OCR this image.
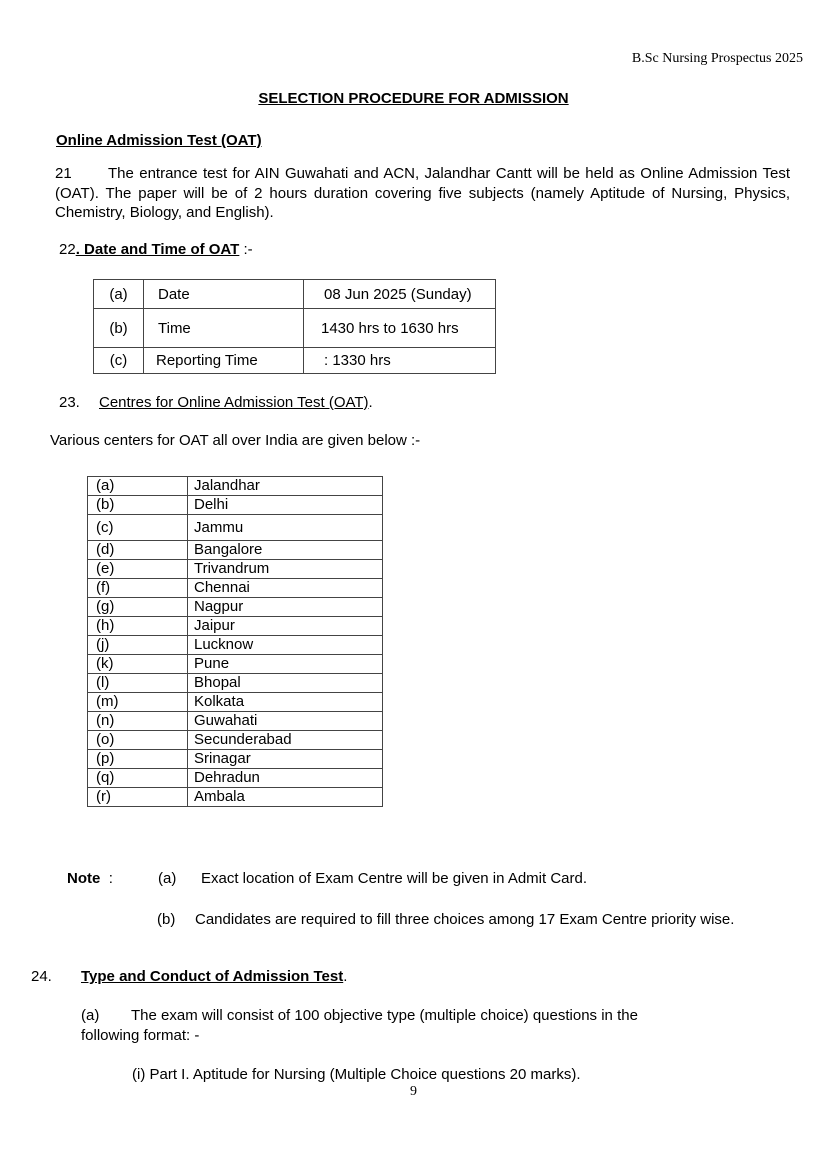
B.Sc Nursing Prospectus 2025
SELECTION PROCEDURE FOR ADMISSION
Online Admission Test (OAT)
21 The entrance test for AIN Guwahati and ACN, Jalandhar Cantt will be held as Online Admission Test (OAT). The paper will be of 2 hours duration covering five subjects (namely Aptitude of Nursing, Physics, Chemistry, Biology, and English).
22. Date and Time of OAT :-
(a)	Date	08 Jun 2025 (Sunday)
(b)	Time	1430 hrs to 1630 hrs
(c)	Reporting Time	: 1330 hrs
23. Centres for Online Admission Test (OAT).
Various centers for OAT all over India are given below :-
(a)	Jalandhar
(b)	Delhi
(c)	Jammu
(d)	Bangalore
(e)	Trivandrum
(f)	Chennai
(g)	Nagpur
(h)	Jaipur
(j)	Lucknow
(k)	Pune
(l)	Bhopal
(m)	Kolkata
(n)	Guwahati
(o)	Secunderabad
(p)	Srinagar
(q)	Dehradun
(r)	Ambala
Note :	(a) Exact location of Exam Centre will be given in Admit Card.
(b) Candidates are required to fill three choices among 17 Exam Centre priority wise.
24. Type and Conduct of Admission Test.
(a) The exam will consist of 100 objective type (multiple choice) questions in the following format: -
(i) Part I. Aptitude for Nursing (Multiple Choice questions 20 marks).
9
